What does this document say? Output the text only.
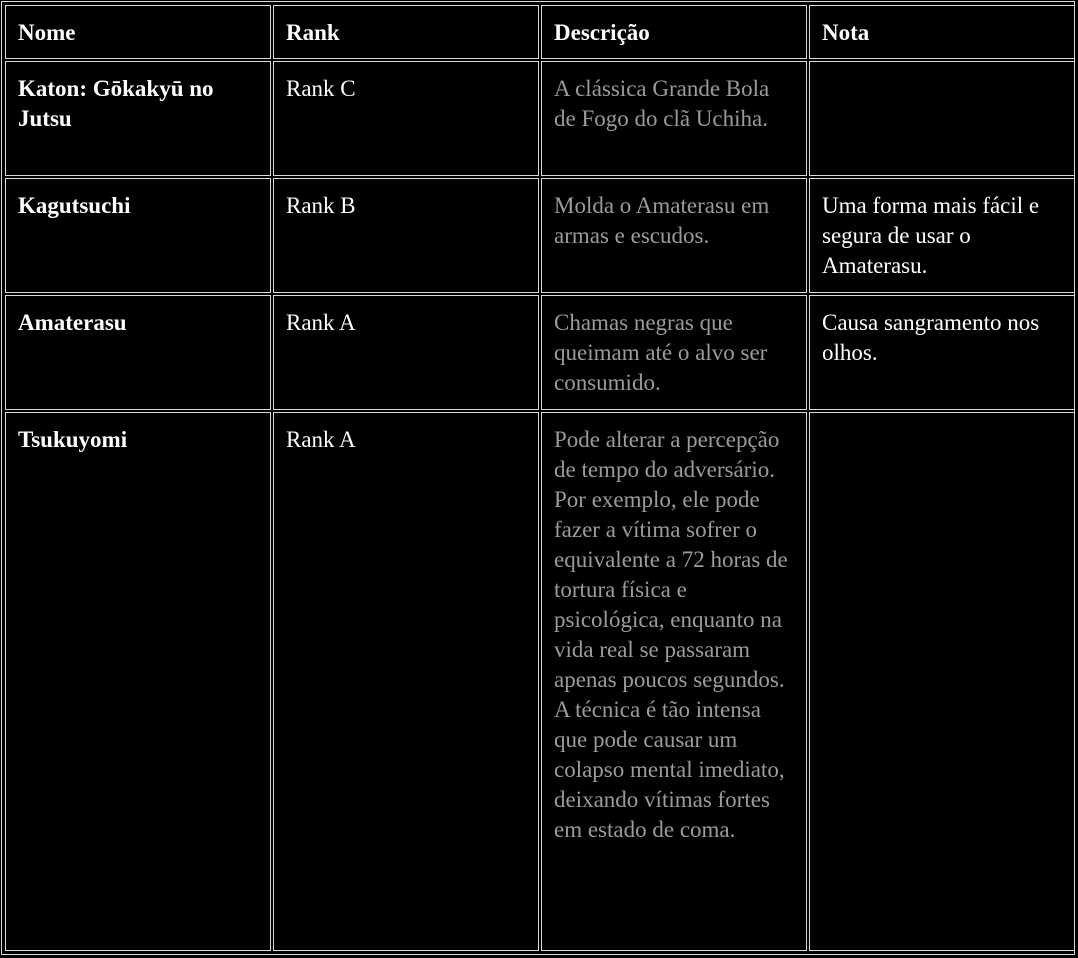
Nome	Rank	Descrição	Nota
Katon: Gōkakyū no Jutsu	Rank C	A clássica Grande Bola de Fogo do clã Uchiha.	
Kagutsuchi	Rank B	Molda o Amaterasu em armas e escudos.	Uma forma mais fácil e segura de usar o Amaterasu.
Amaterasu	Rank A	Chamas negras que queimam até o alvo ser consumido.	Causa sangramento nos olhos.
Tsukuyomi	Rank A	Pode alterar a percepção de tempo do adversário. Por exemplo, ele pode fazer a vítima sofrer o equivalente a 72 horas de tortura física e psicológica, enquanto na vida real se passaram apenas poucos segundos. A técnica é tão intensa que pode causar um colapso mental imediato, deixando vítimas fortes em estado de coma.	
